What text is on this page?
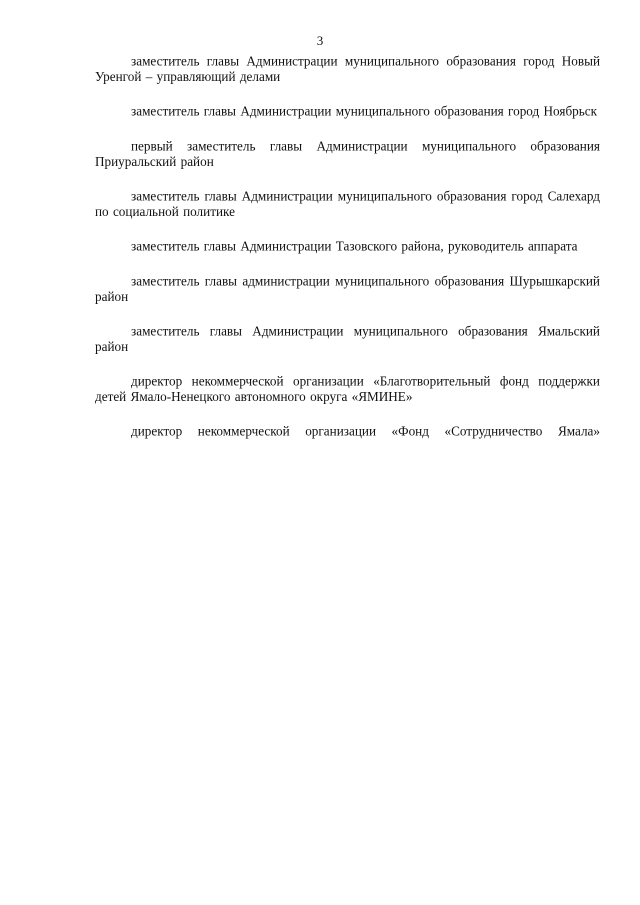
3

заместитель главы Администрации муниципального образования город Новый Уренгой – управляющий делами

заместитель главы Администрации муниципального образования город Ноябрьск

первый заместитель главы Администрации муниципального образования Приуральский район

заместитель главы Администрации муниципального образования город Салехард по социальной политике

заместитель главы Администрации Тазовского района, руководитель аппарата

заместитель главы администрации муниципального образования Шурышкарский район

заместитель главы Администрации муниципального образования Ямальский район

директор некоммерческой организации «Благотворительный фонд поддержки детей Ямало-Ненецкого автономного округа «ЯМИНЕ»

директор некоммерческой организации «Фонд «Сотрудничество Ямала»
